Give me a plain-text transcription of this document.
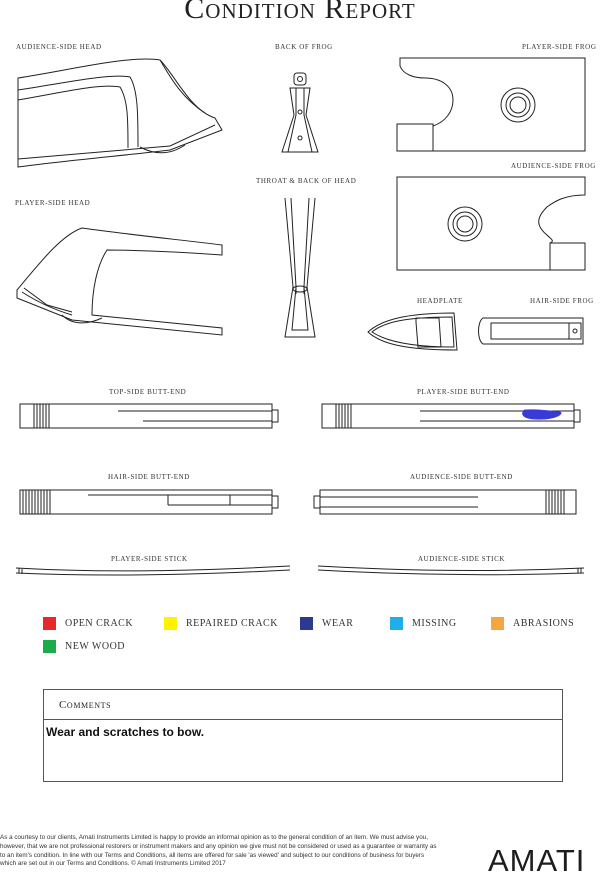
Condition Report
AUDIENCE-SIDE HEAD	BACK OF FROG	PLAYER-SIDE FROG
AUDIENCE-SIDE FROG
THROAT & BACK OF HEAD
PLAYER-SIDE HEAD
HEADPLATE	HAIR-SIDE FROG
TOP-SIDE BUTT-END	PLAYER-SIDE BUTT-END
HAIR-SIDE BUTT-END	AUDIENCE-SIDE BUTT-END
PLAYER-SIDE STICK	AUDIENCE-SIDE STICK
OPEN CRACK	REPAIRED CRACK	WEAR	MISSING	ABRASIONS
NEW WOOD
Comments
Wear and scratches to bow.
As a courtesy to our clients, Amati Instruments Limited is happy to provide an informal opinion as to the general condition of an item. We must advise you, however, that we are not professional restorers or instrument makers and any opinion we give must not be considered or used as a guarantee or warranty as to an item's condition. In line with our Terms and Conditions, all items are offered for sale 'as viewed' and subject to our conditions of business for buyers which are set out in our Terms and Conditions. © Amati Instruments Limited 2017	AMATI
